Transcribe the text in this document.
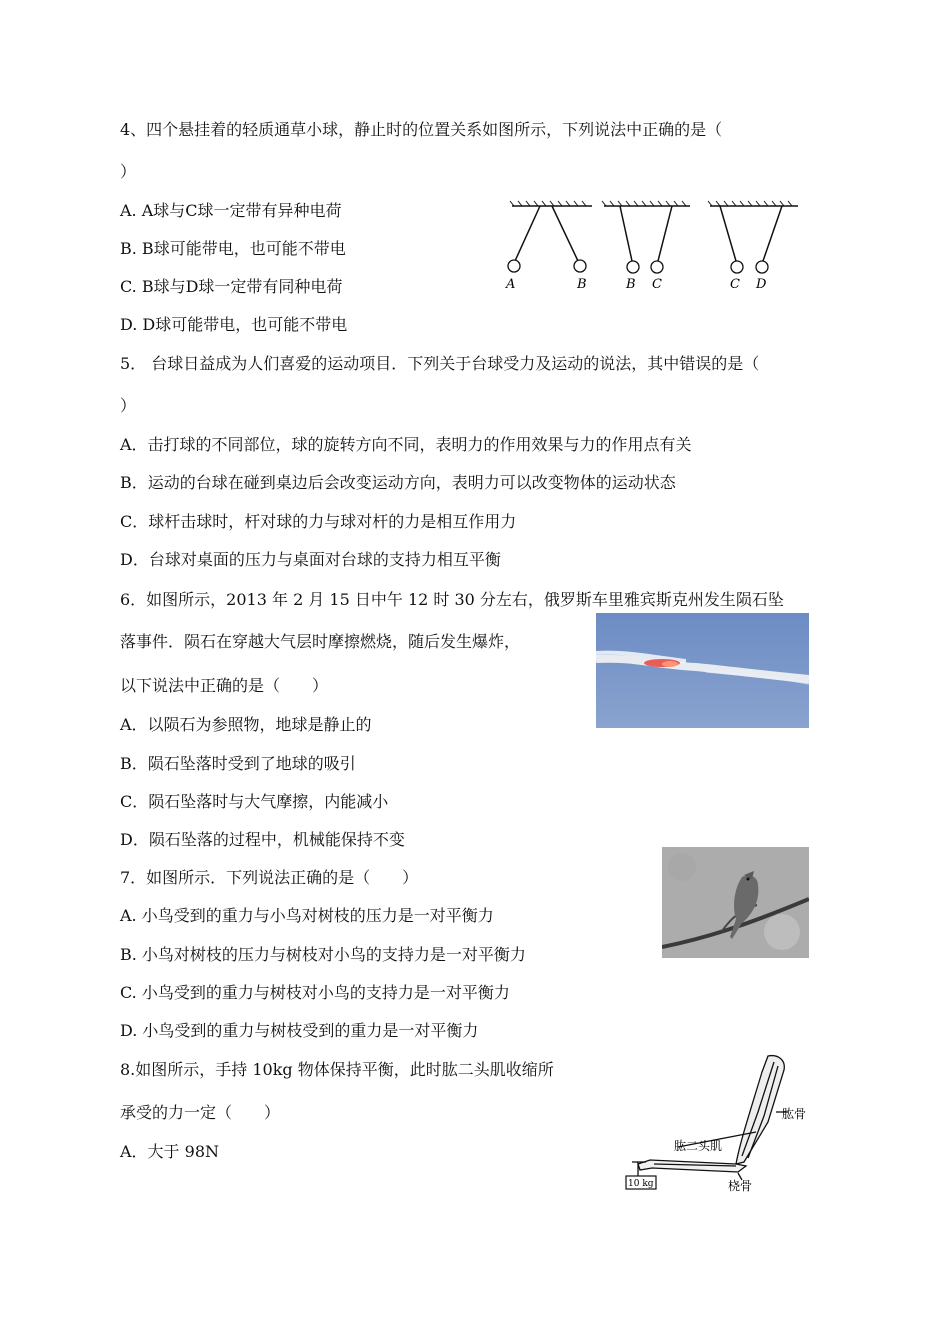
4、四个悬挂着的轻质通草小球，静止时的位置关系如图所示，下列说法中正确的是（
）
A. A球与C球一定带有异种电荷
B. B球可能带电，也可能不带电
C. B球与D球一定带有同种电荷
D. D球可能带电，也可能不带电
A	B	B C	C D
5． 台球日益成为人们喜爱的运动项目．下列关于台球受力及运动的说法，其中错误的是（
）
A．击打球的不同部位，球的旋转方向不同，表明力的作用效果与力的作用点有关
B．运动的台球在碰到桌边后会改变运动方向，表明力可以改变物体的运动状态
C．球杆击球时，杆对球的力与球对杆的力是相互作用力
D．台球对桌面的压力与桌面对台球的支持力相互平衡
6．如图所示，2013 年 2 月 15 日中午 12 时 30 分左右，俄罗斯车里雅宾斯克州发生陨石坠
落事件．陨石在穿越大气层时摩擦燃烧，随后发生爆炸，
以下说法中正确的是（　　）
A．以陨石为参照物，地球是静止的
B．陨石坠落时受到了地球的吸引
C．陨石坠落时与大气摩擦，内能减小
D．陨石坠落的过程中，机械能保持不变
7．如图所示．下列说法正确的是（　　）
A. 小鸟受到的重力与小鸟对树枝的压力是一对平衡力
B. 小鸟对树枝的压力与树枝对小鸟的支持力是一对平衡力
C. 小鸟受到的重力与树枝对小鸟的支持力是一对平衡力
D. 小鸟受到的重力与树枝受到的重力是一对平衡力
8.如图所示，手持 10kg 物体保持平衡，此时肱二头肌收缩所
承受的力一定（　　）
A．大于 98N
10 kg
肱二头肌
肱骨
桡骨
